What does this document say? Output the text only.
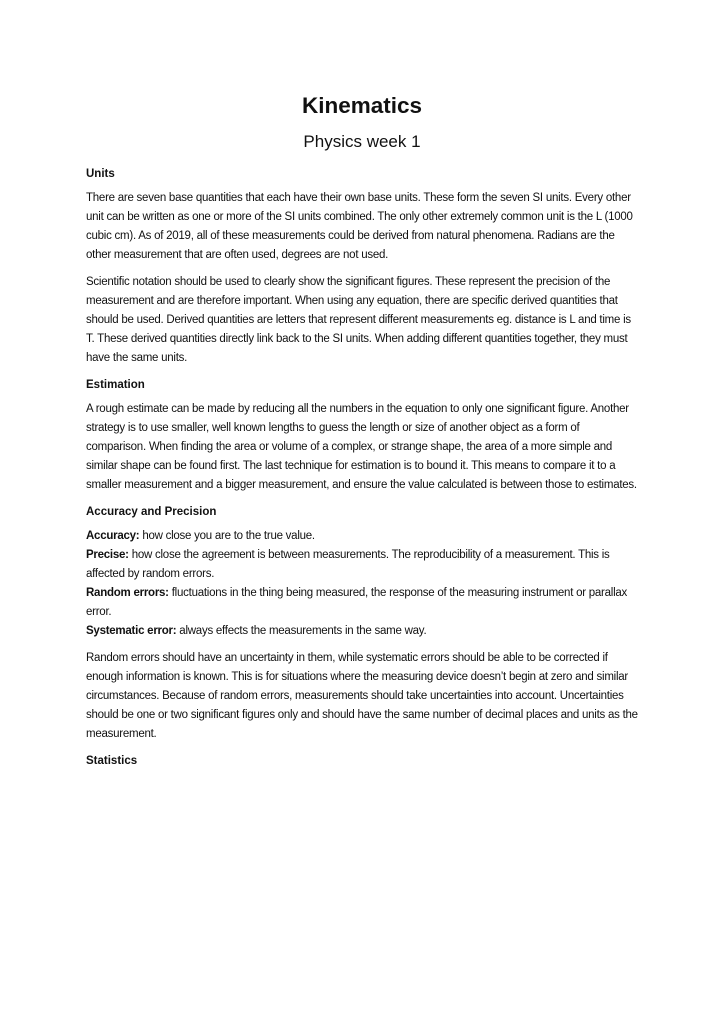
Kinematics
Physics week 1
Units

There are seven base quantities that each have their own base units. These form the seven SI units. Every other unit can be written as one or more of the SI units combined. The only other extremely common unit is the L (1000 cubic cm). As of 2019, all of these measurements could be derived from natural phenomena. Radians are the other measurement that are often used, degrees are not used.

Scientific notation should be used to clearly show the significant figures. These represent the precision of the measurement and are therefore important. When using any equation, there are specific derived quantities that should be used. Derived quantities are letters that represent different measurements eg. distance is L and time is T. These derived quantities directly link back to the SI units. When adding different quantities together, they must have the same units.

Estimation

A rough estimate can be made by reducing all the numbers in the equation to only one significant figure. Another strategy is to use smaller, well known lengths to guess the length or size of another object as a form of comparison. When finding the area or volume of a complex, or strange shape, the area of a more simple and similar shape can be found first. The last technique for estimation is to bound it. This means to compare it to a smaller measurement and a bigger measurement, and ensure the value calculated is between those to estimates.

Accuracy and Precision
Accuracy: how close you are to the true value.
Precise: how close the agreement is between measurements. The reproducibility of a measurement. This is affected by random errors.
Random errors: fluctuations in the thing being measured, the response of the measuring instrument or parallax error.
Systematic error: always effects the measurements in the same way.

Random errors should have an uncertainty in them, while systematic errors should be able to be corrected if enough information is known. This is for situations where the measuring device doesn’t begin at zero and similar circumstances. Because of random errors, measurements should take uncertainties into account. Uncertainties should be one or two significant figures only and should have the same number of decimal places and units as the measurement.

Statistics
